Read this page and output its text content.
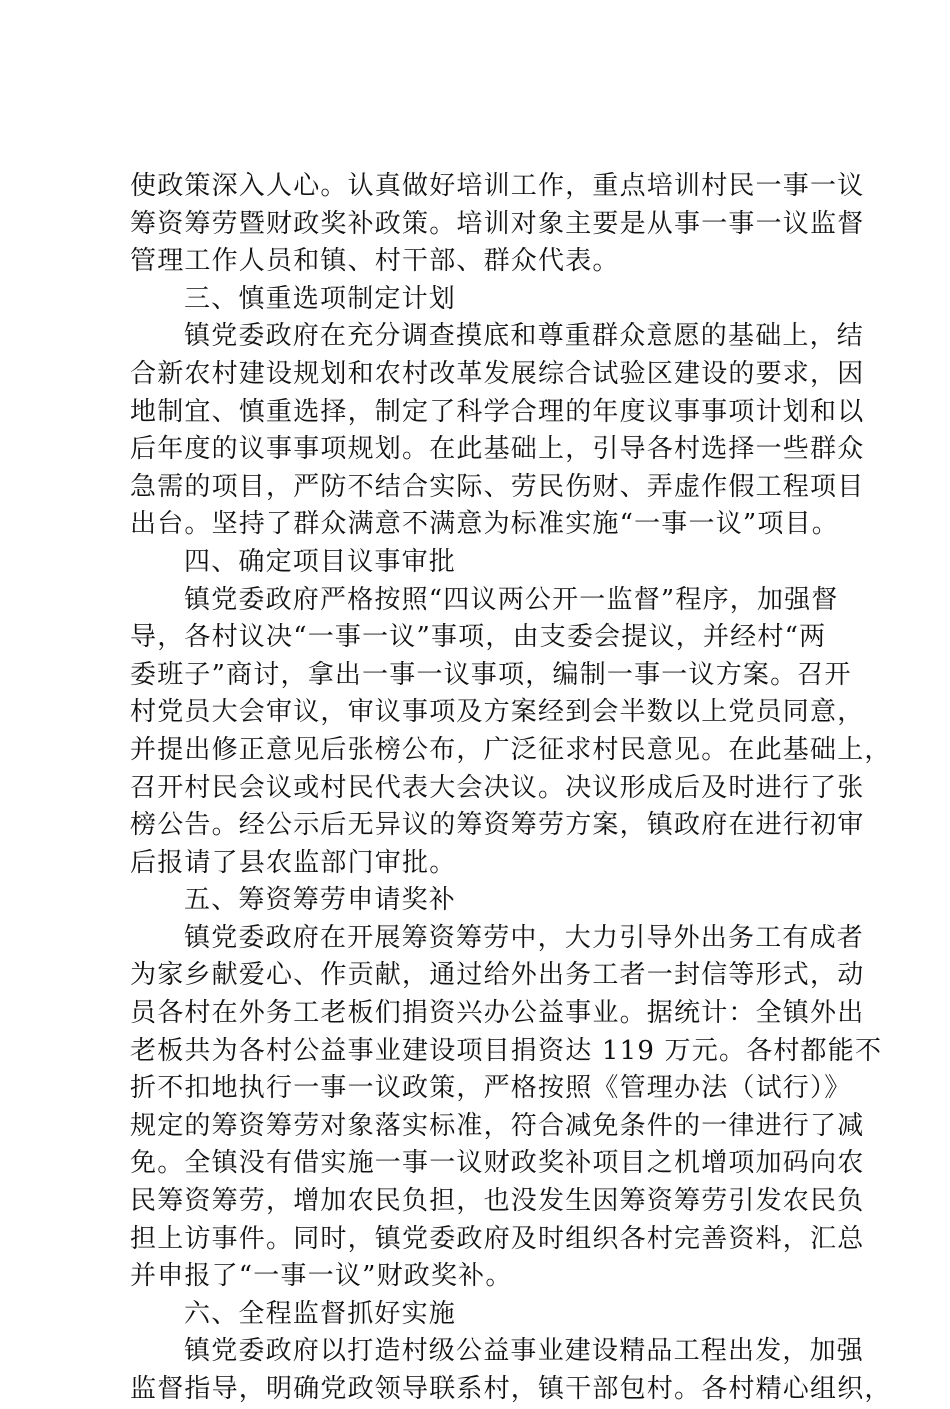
使政策深入人心。认真做好培训工作，重点培训村民一事一议
筹资筹劳暨财政奖补政策。培训对象主要是从事一事一议监督
管理工作人员和镇、村干部、群众代表。
三、慎重选项制定计划
镇党委政府在充分调查摸底和尊重群众意愿的基础上，结
合新农村建设规划和农村改革发展综合试验区建设的要求，因
地制宜、慎重选择，制定了科学合理的年度议事事项计划和以
后年度的议事事项规划。在此基础上，引导各村选择一些群众
急需的项目，严防不结合实际、劳民伤财、弄虚作假工程项目
出台。坚持了群众满意不满意为标准实施“一事一议”项目。
四、确定项目议事审批
镇党委政府严格按照“四议两公开一监督”程序，加强督
导，各村议决“一事一议”事项，由支委会提议，并经村“两
委班子”商讨，拿出一事一议事项，编制一事一议方案。召开
村党员大会审议，审议事项及方案经到会半数以上党员同意，
并提出修正意见后张榜公布，广泛征求村民意见。在此基础上，
召开村民会议或村民代表大会决议。决议形成后及时进行了张
榜公告。经公示后无异议的筹资筹劳方案，镇政府在进行初审
后报请了县农监部门审批。
五、筹资筹劳申请奖补
镇党委政府在开展筹资筹劳中，大力引导外出务工有成者
为家乡献爱心、作贡献，通过给外出务工者一封信等形式，动
员各村在外务工老板们捐资兴办公益事业。据统计：全镇外出
老板共为各村公益事业建设项目捐资达 119 万元。各村都能不
折不扣地执行一事一议政策，严格按照《管理办法（试行）》
规定的筹资筹劳对象落实标准，符合减免条件的一律进行了减
免。全镇没有借实施一事一议财政奖补项目之机增项加码向农
民筹资筹劳，增加农民负担，也没发生因筹资筹劳引发农民负
担上访事件。同时，镇党委政府及时组织各村完善资料，汇总
并申报了“一事一议”财政奖补。
六、全程监督抓好实施
镇党委政府以打造村级公益事业建设精品工程出发，加强
监督指导，明确党政领导联系村，镇干部包村。各村精心组织，
